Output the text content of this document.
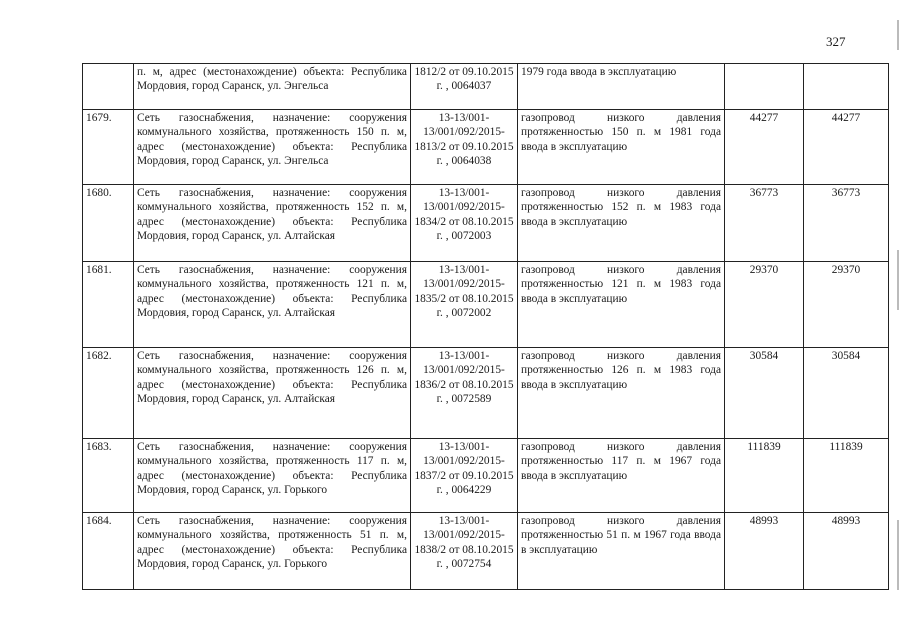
327
	п. м, адрес (местонахождение) объекта: Республика Мордовия, город Саранск, ул. Энгельса	1812/2 от 09.10.2015 г. , 0064037	1979 года ввода в эксплуатацию		
1679.	Сеть газоснабжения, назначение: сооружения коммунального хозяйства, протяженность 150 п. м, адрес (местонахождение) объекта: Республика Мордовия, город Саранск, ул. Энгельса	13-13/001-13/001/092/2015-1813/2 от 09.10.2015 г. , 0064038	газопровод низкого давления протяженностью 150 п. м 1981 года ввода в эксплуатацию	44277	44277
1680.	Сеть газоснабжения, назначение: сооружения коммунального хозяйства, протяженность 152 п. м, адрес (местонахождение) объекта: Республика Мордовия, город Саранск, ул. Алтайская	13-13/001-13/001/092/2015-1834/2 от 08.10.2015 г. , 0072003	газопровод низкого давления протяженностью 152 п. м 1983 года ввода в эксплуатацию	36773	36773
1681.	Сеть газоснабжения, назначение: сооружения коммунального хозяйства, протяженность 121 п. м, адрес (местонахождение) объекта: Республика Мордовия, город Саранск, ул. Алтайская	13-13/001-13/001/092/2015-1835/2 от 08.10.2015 г. , 0072002	газопровод низкого давления протяженностью 121 п. м 1983 года ввода в эксплуатацию	29370	29370
1682.	Сеть газоснабжения, назначение: сооружения коммунального хозяйства, протяженность 126 п. м, адрес (местонахождение) объекта: Республика Мордовия, город Саранск, ул. Алтайская	13-13/001-13/001/092/2015-1836/2 от 08.10.2015 г. , 0072589	газопровод низкого давления протяженностью 126 п. м 1983 года ввода в эксплуатацию	30584	30584
1683.	Сеть газоснабжения, назначение: сооружения коммунального хозяйства, протяженность 117 п. м, адрес (местонахождение) объекта: Республика Мордовия, город Саранск, ул. Горького	13-13/001-13/001/092/2015-1837/2 от 09.10.2015 г. , 0064229	газопровод низкого давления протяженностью 117 п. м 1967 года ввода в эксплуатацию	111839	111839
1684.	Сеть газоснабжения, назначение: сооружения коммунального хозяйства, протяженность 51 п. м, адрес (местонахождение) объекта: Республика Мордовия, город Саранск, ул. Горького	13-13/001-13/001/092/2015-1838/2 от 08.10.2015 г. , 0072754	газопровод низкого давления протяженностью 51 п. м 1967 года ввода в эксплуатацию	48993	48993
